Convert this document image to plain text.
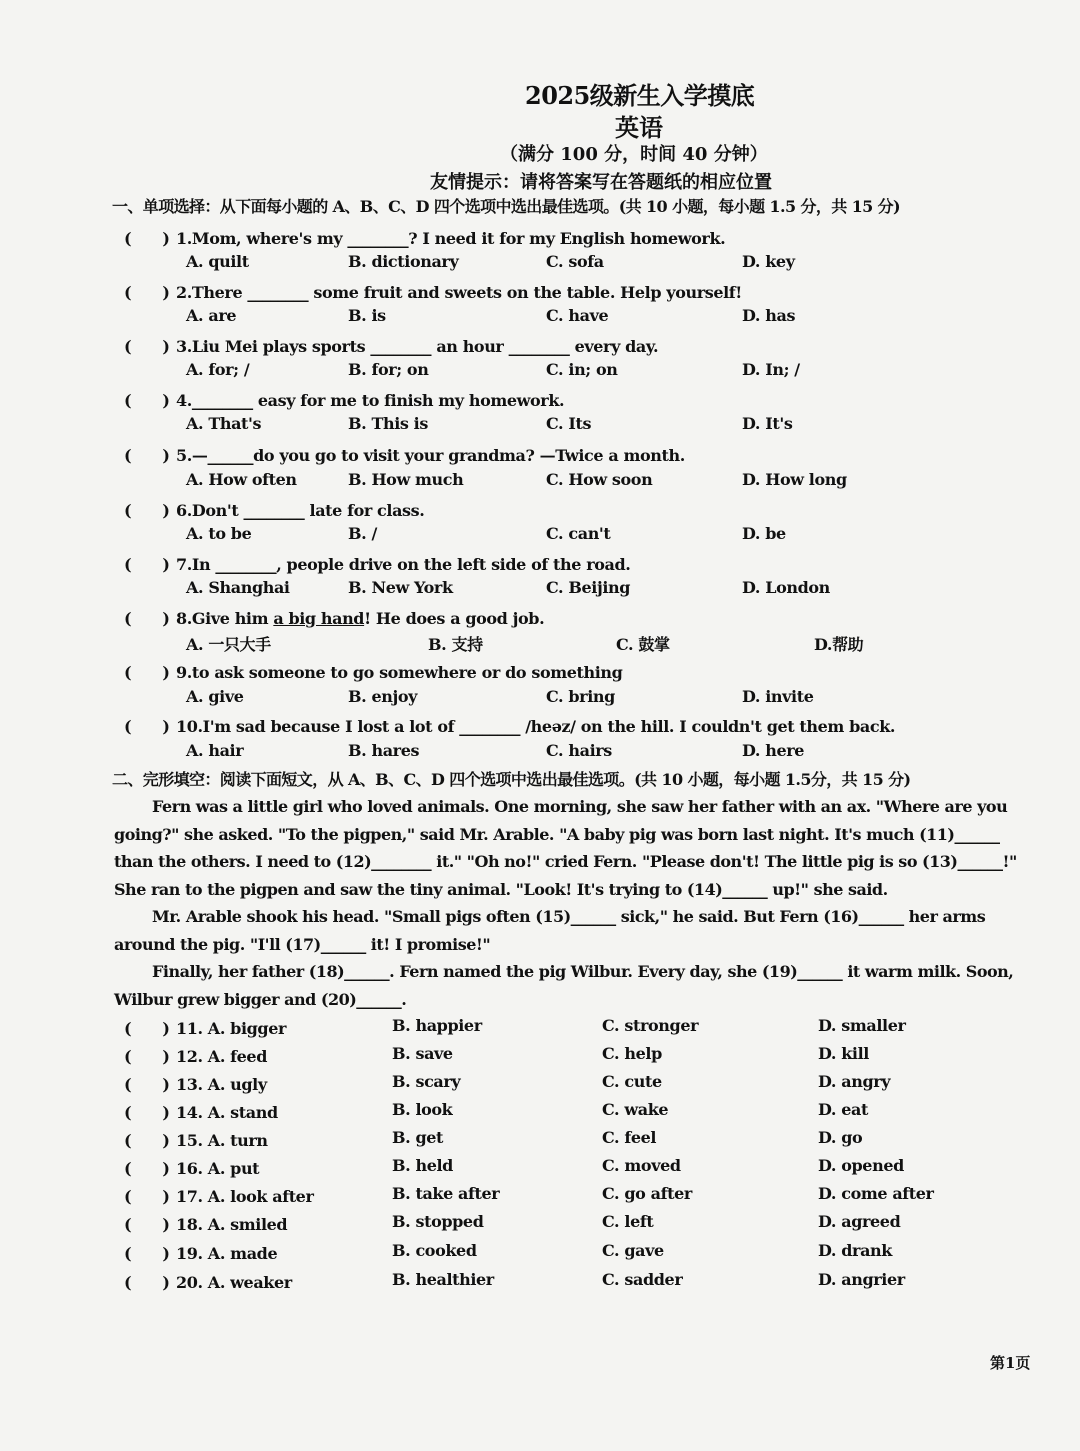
2025级新生入学摸底
英语
（满分 100 分，时间 40 分钟）
友情提示：请将答案写在答题纸的相应位置
一、单项选择：从下面每小题的 A、B、C、D 四个选项中选出最佳选项。(共 10 小题，每小题 1.5 分，共 15 分)
(　　) 1.Mom, where's my ________? I need it for my English homework.
A. quilt	B. dictionary	C. sofa	D. key
(　　) 2.There ________ some fruit and sweets on the table. Help yourself!
A. are	B. is	C. have	D. has
(　　) 3.Liu Mei plays sports ________ an hour ________ every day.
A. for; /	B. for; on	C. in; on	D. In; /
(　　) 4.________ easy for me to finish my homework.
A. That's	B. This is	C. Its	D. It's
(　　) 5.—______do you go to visit your grandma? —Twice a month.
A. How often	B. How much	C. How soon	D. How long
(　　) 6.Don't ________ late for class.
A. to be	B. /	C. can't	D. be
(　　) 7.In ________, people drive on the left side of the road.
A. Shanghai	B. New York	C. Beijing	D. London
(　　) 8.Give him a big hand! He does a good job.
A. 一只大手	B. 支持	C. 鼓掌	D.帮助
(　　) 9.to ask someone to go somewhere or do something
A. give	B. enjoy	C. bring	D. invite
(　　) 10.I'm sad because I lost a lot of ________ /heəz/ on the hill. I couldn't get them back.
A. hair	B. hares	C. hairs	D. here
二、完形填空：阅读下面短文，从 A、B、C、D 四个选项中选出最佳选项。(共 10 小题，每小题 1.5分，共 15 分)
Fern was a little girl who loved animals. One morning, she saw her father with an ax. "Where are you going?" she asked. "To the pigpen," said Mr. Arable. "A baby pig was born last night. It's much (11)______ than the others. I need to (12)________ it." "Oh no!" cried Fern. "Please don't! The little pig is so (13)______!" She ran to the pigpen and saw the tiny animal. "Look! It's trying to (14)______ up!" she said.
Mr. Arable shook his head. "Small pigs often (15)______ sick," he said. But Fern (16)______ her arms around the pig. "I'll (17)______ it! I promise!"
Finally, her father (18)______. Fern named the pig Wilbur. Every day, she (19)______ it warm milk. Soon, Wilbur grew bigger and (20)______.
(　　) 11. A. bigger	B. happier	C. stronger	D. smaller
(　　) 12. A. feed	B. save	C. help	D. kill
(　　) 13. A. ugly	B. scary	C. cute	D. angry
(　　) 14. A. stand	B. look	C. wake	D. eat
(　　) 15. A. turn	B. get	C. feel	D. go
(　　) 16. A. put	B. held	C. moved	D. opened
(　　) 17. A. look after	B. take after	C. go after	D. come after
(　　) 18. A. smiled	B. stopped	C. left	D. agreed
(　　) 19. A. made	B. cooked	C. gave	D. drank
(　　) 20. A. weaker	B. healthier	C. sadder	D. angrier
第1页
